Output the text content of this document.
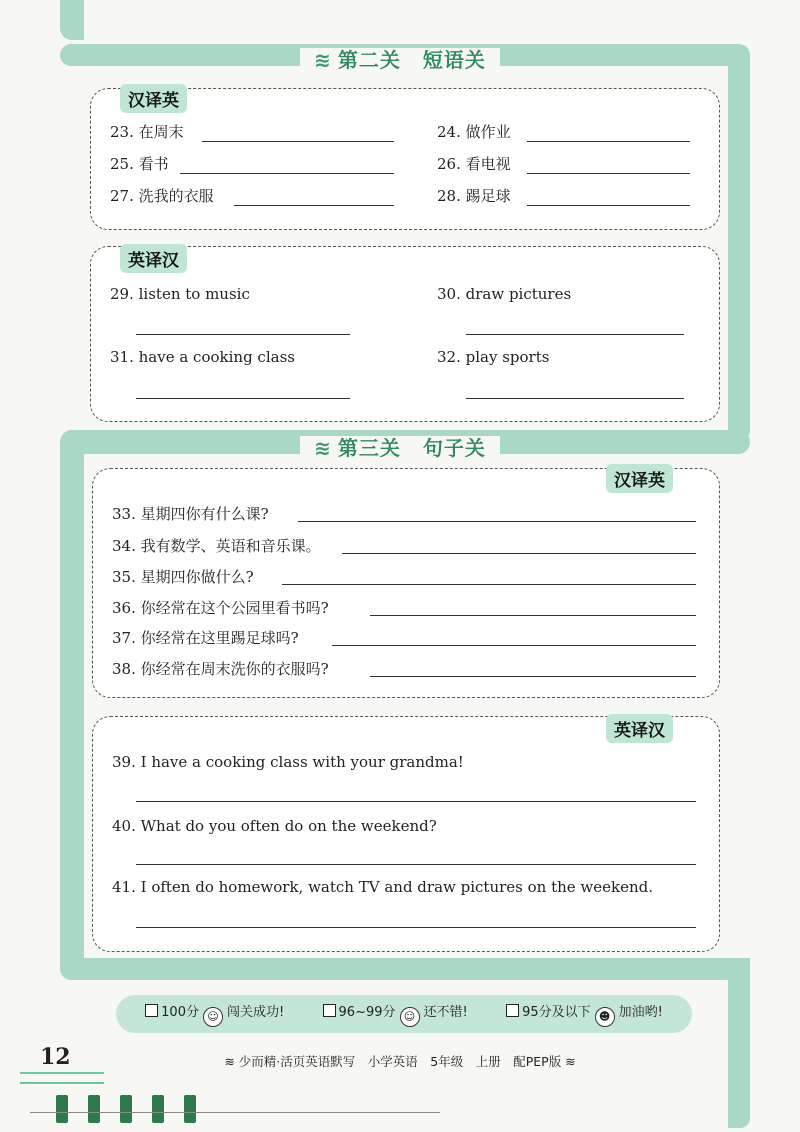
≋ 第二关 短语关
汉译英
23. 在周末	24. 做作业
25. 看书	26. 看电视
27. 洗我的衣服	28. 踢足球
英译汉
29. listen to music	30. draw pictures
31. have a cooking class	32. play sports
≋ 第三关 句子关
汉译英
33. 星期四你有什么课?
34. 我有数学、英语和音乐课。
35. 星期四你做什么?
36. 你经常在这个公园里看书吗?
37. 你经常在这里踢足球吗?
38. 你经常在周末洗你的衣服吗?
英译汉
39. I have a cooking class with your grandma!
40. What do you often do on the weekend?
41. I often do homework, watch TV and draw pictures on the weekend.
100分 ☺ 闯关成功!	96~99分 ☺ 还不错!	95分及以下 ☻ 加油哟!
12	≋ 少而精·活页英语默写　小学英语　5年级　上册　配PEP版 ≋
